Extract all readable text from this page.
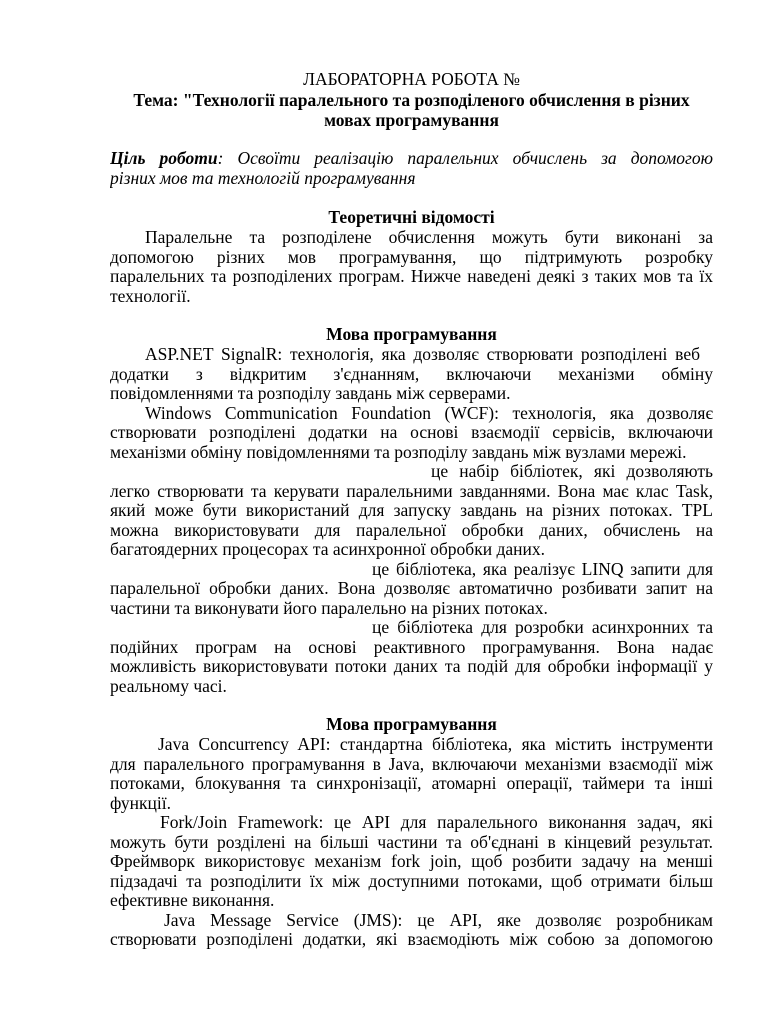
ЛАБОРАТОРНА РОБОТА №
Тема: "Технології паралельного та розподіленого обчислення в різних
мовах програмування
Ціль роботи: Освоїти реалізацію паралельних обчислень за допомогою
різних мов та технологій програмування
Теоретичні відомості
Паралельне та розподілене обчислення можуть бути виконані за
допомогою різних мов програмування, що підтримують розробку
паралельних та розподілених програм. Нижче наведені деякі з таких мов та їх
технології.
Мова програмування
ASP.NET SignalR: технологія, яка дозволяє створювати розподілені веб
додатки з відкритим з'єднанням, включаючи механізми обміну
повідомленнями та розподілу завдань між серверами.
Windows Communication Foundation (WCF): технологія, яка дозволяє
створювати розподілені додатки на основі взаємодії сервісів, включаючи
механізми обміну повідомленнями та розподілу завдань між вузлами мережі.
це набір бібліотек, які дозволяють
легко створювати та керувати паралельними завданнями. Вона має клас Task,
який може бути використаний для запуску завдань на різних потоках. TPL
можна використовувати для паралельної обробки даних, обчислень на
багатоядерних процесорах та асинхронної обробки даних.
це бібліотека, яка реалізує LINQ запити для
паралельної обробки даних. Вона дозволяє автоматично розбивати запит на
частини та виконувати його паралельно на різних потоках.
це бібліотека для розробки асинхронних та
подійних програм на основі реактивного програмування. Вона надає
можливість використовувати потоки даних та подій для обробки інформації у
реальному часі.
Мова програмування
Java Concurrency API: стандартна бібліотека, яка містить інструменти
для паралельного програмування в Java, включаючи механізми взаємодії між
потоками, блокування та синхронізації, атомарні операції, таймери та інші
функції.
Fork/Join Framework: це API для паралельного виконання задач, які
можуть бути розділені на більші частини та об'єднані в кінцевий результат.
Фреймворк використовує механізм fork join, щоб розбити задачу на менші
підзадачі та розподілити їх між доступними потоками, щоб отримати більш
ефективне виконання.
Java Message Service (JMS): це API, яке дозволяє розробникам
створювати розподілені додатки, які взаємодіють між собою за допомогою
